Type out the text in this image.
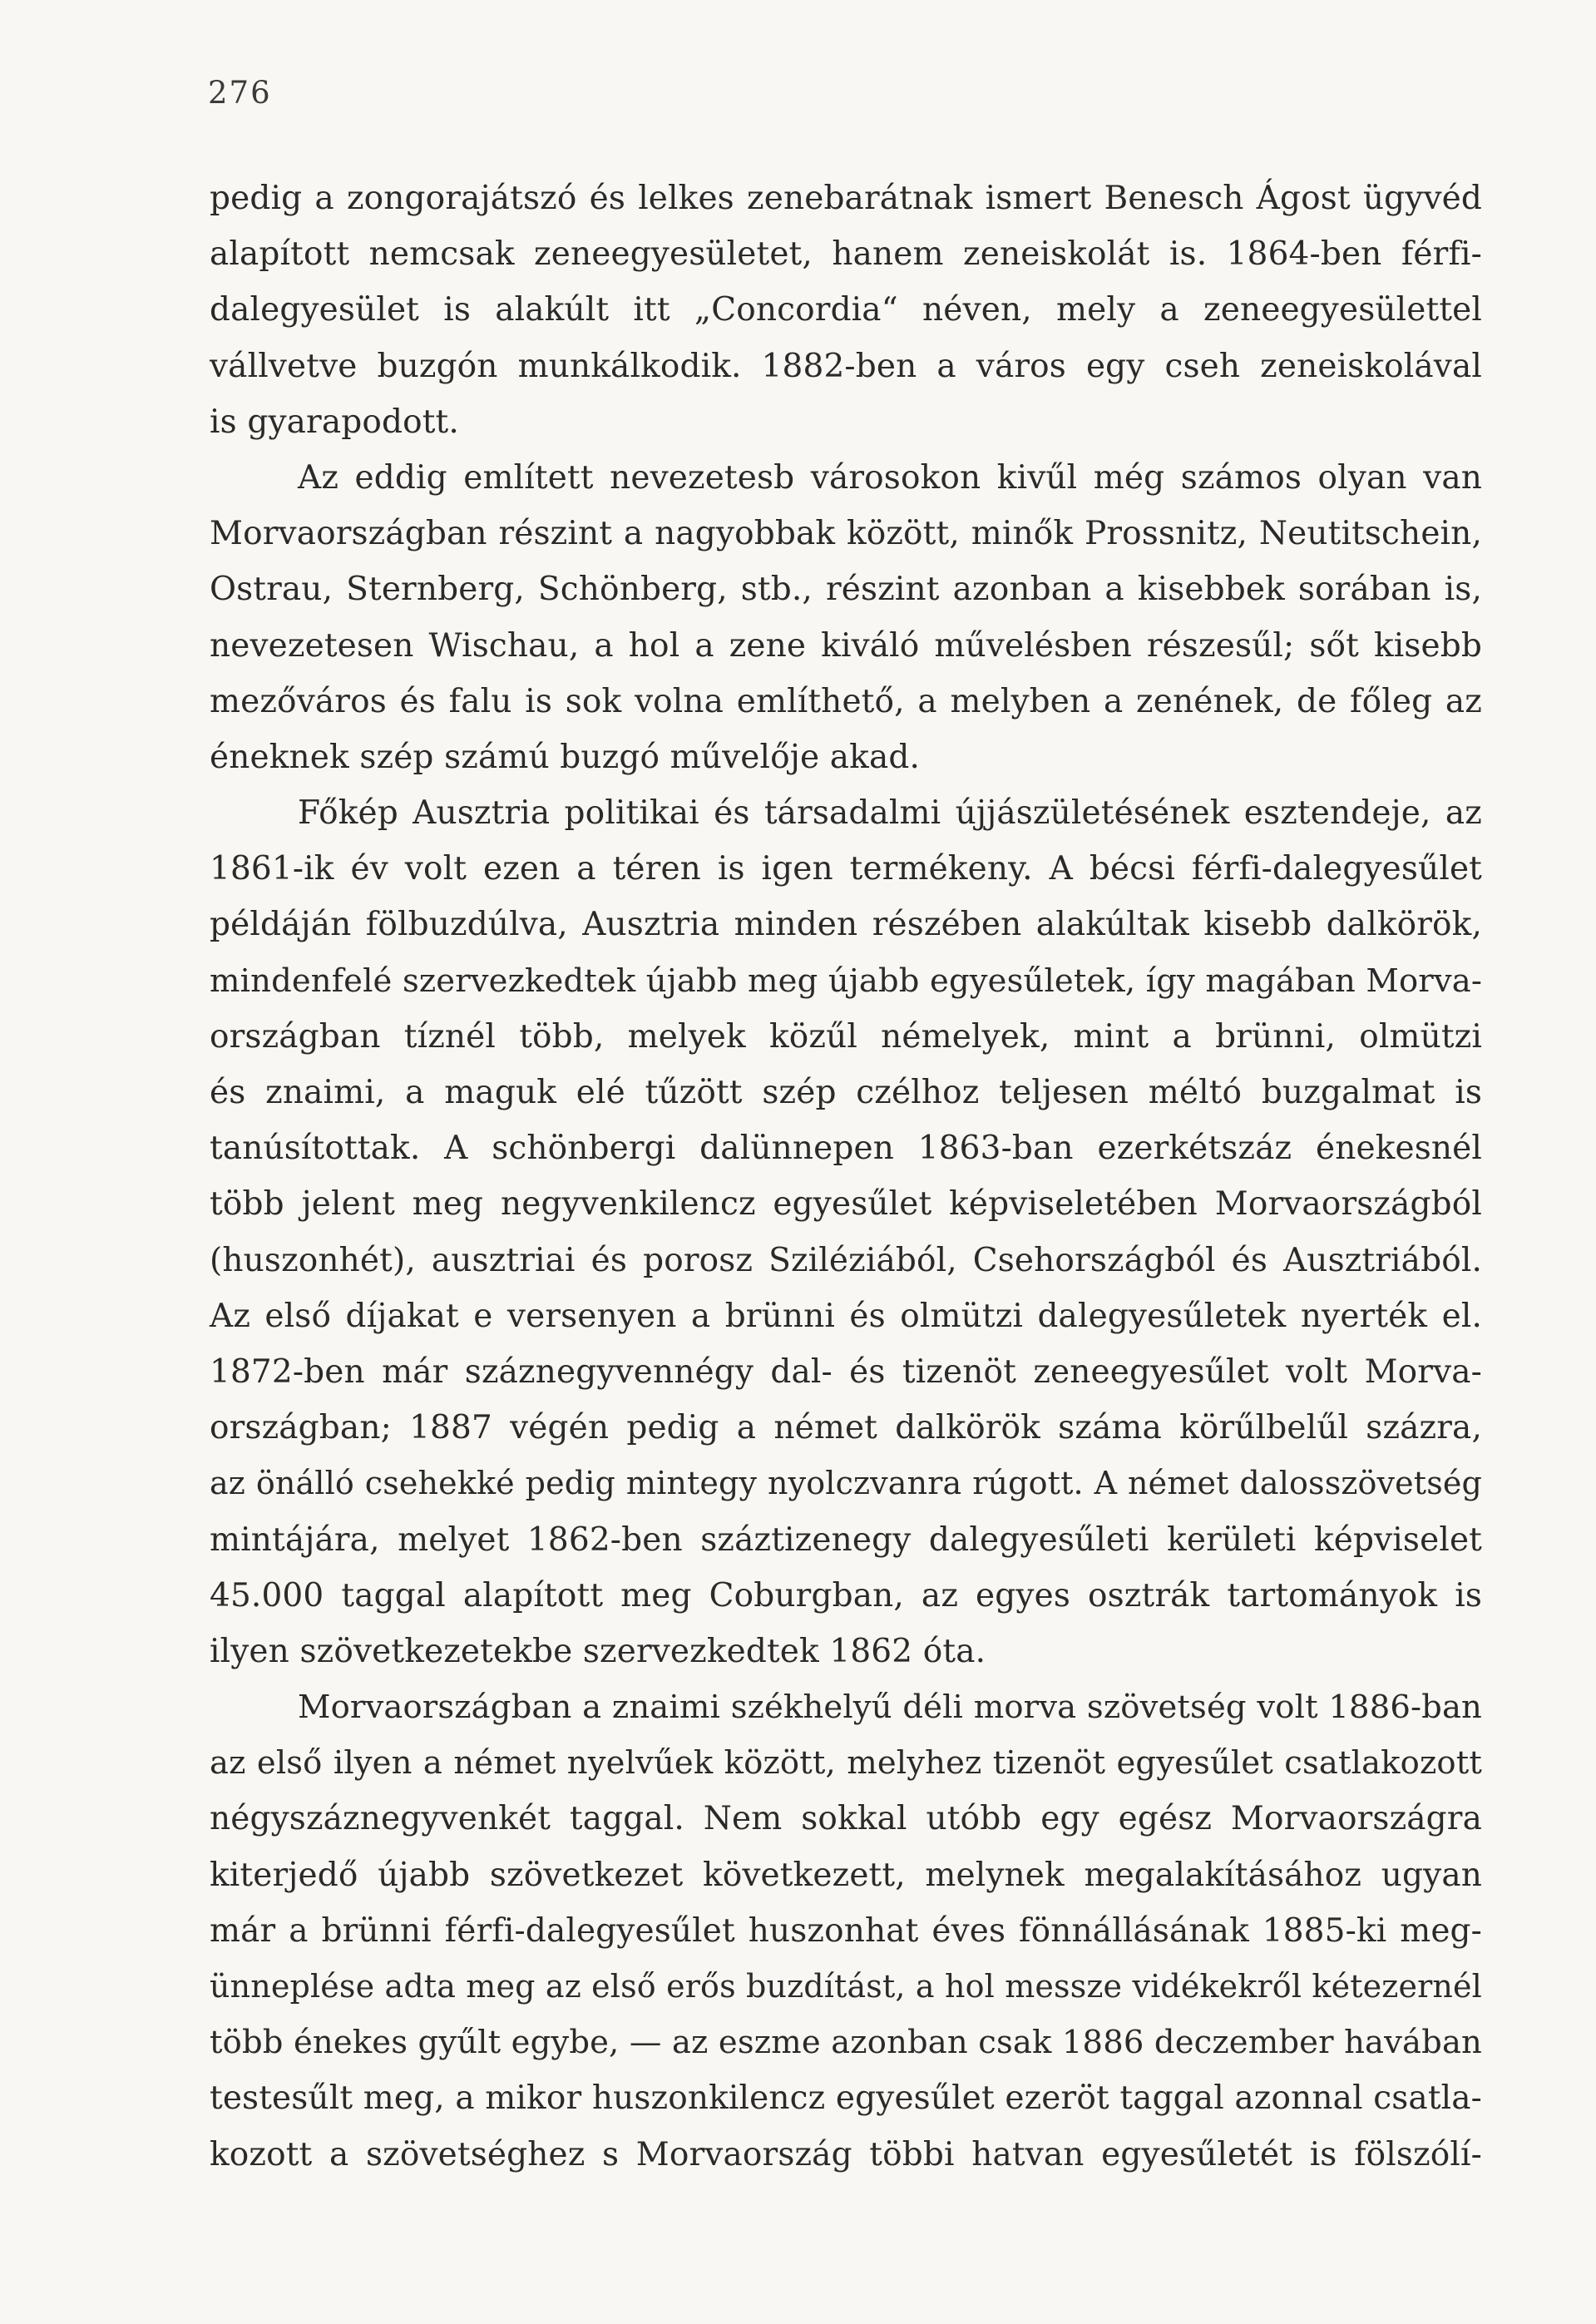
276
pedig a zongorajátszó és lelkes zenebarátnak ismert Benesch Ágost ügyvéd
alapított nemcsak zeneegyesületet, hanem zeneiskolát is. 1864-ben férfi-
dalegyesület is alakúlt itt „Concordia“ néven, mely a zeneegyesülettel
vállvetve buzgón munkálkodik. 1882-ben a város egy cseh zeneiskolával
is gyarapodott.
Az eddig említett nevezetesb városokon kivűl még számos olyan van
Morvaországban részint a nagyobbak között, minők Prossnitz, Neutitschein,
Ostrau, Sternberg, Schönberg, stb., részint azonban a kisebbek sorában is,
nevezetesen Wischau, a hol a zene kiváló művelésben részesűl; sőt kisebb
mezőváros és falu is sok volna említhető, a melyben a zenének, de főleg az
éneknek szép számú buzgó művelője akad.
Főkép Ausztria politikai és társadalmi újjászületésének esztendeje, az
1861-ik év volt ezen a téren is igen termékeny. A bécsi férfi-dalegyesűlet
példáján fölbuzdúlva, Ausztria minden részében alakúltak kisebb dalkörök,
mindenfelé szervezkedtek újabb meg újabb egyesűletek, így magában Morva-
országban tíznél több, melyek közűl némelyek, mint a brünni, olmützi
és znaimi, a maguk elé tűzött szép czélhoz teljesen méltó buzgalmat is
tanúsítottak. A schönbergi dalünnepen 1863-ban ezerkétszáz énekesnél
több jelent meg negyvenkilencz egyesűlet képviseletében Morvaországból
(huszonhét), ausztriai és porosz Sziléziából, Csehországból és Ausztriából.
Az első díjakat e versenyen a brünni és olmützi dalegyesűletek nyerték el.
1872-ben már száznegyvennégy dal- és tizenöt zeneegyesűlet volt Morva-
országban; 1887 végén pedig a német dalkörök száma körűlbelűl százra,
az önálló csehekké pedig mintegy nyolczvanra rúgott. A német dalosszövetség
mintájára, melyet 1862-ben száztizenegy dalegyesűleti kerületi képviselet
45.000 taggal alapított meg Coburgban, az egyes osztrák tartományok is
ilyen szövetkezetekbe szervezkedtek 1862 óta.
Morvaországban a znaimi székhelyű déli morva szövetség volt 1886-ban
az első ilyen a német nyelvűek között, melyhez tizenöt egyesűlet csatlakozott
négyszáznegyvenkét taggal. Nem sokkal utóbb egy egész Morvaországra
kiterjedő újabb szövetkezet következett, melynek megalakításához ugyan
már a brünni férfi-dalegyesűlet huszonhat éves fönnállásának 1885-ki meg-
ünneplése adta meg az első erős buzdítást, a hol messze vidékekről kétezernél
több énekes gyűlt egybe, — az eszme azonban csak 1886 deczember havában
testesűlt meg, a mikor huszonkilencz egyesűlet ezeröt taggal azonnal csatla-
kozott a szövetséghez s Morvaország többi hatvan egyesűletét is fölszólí-
